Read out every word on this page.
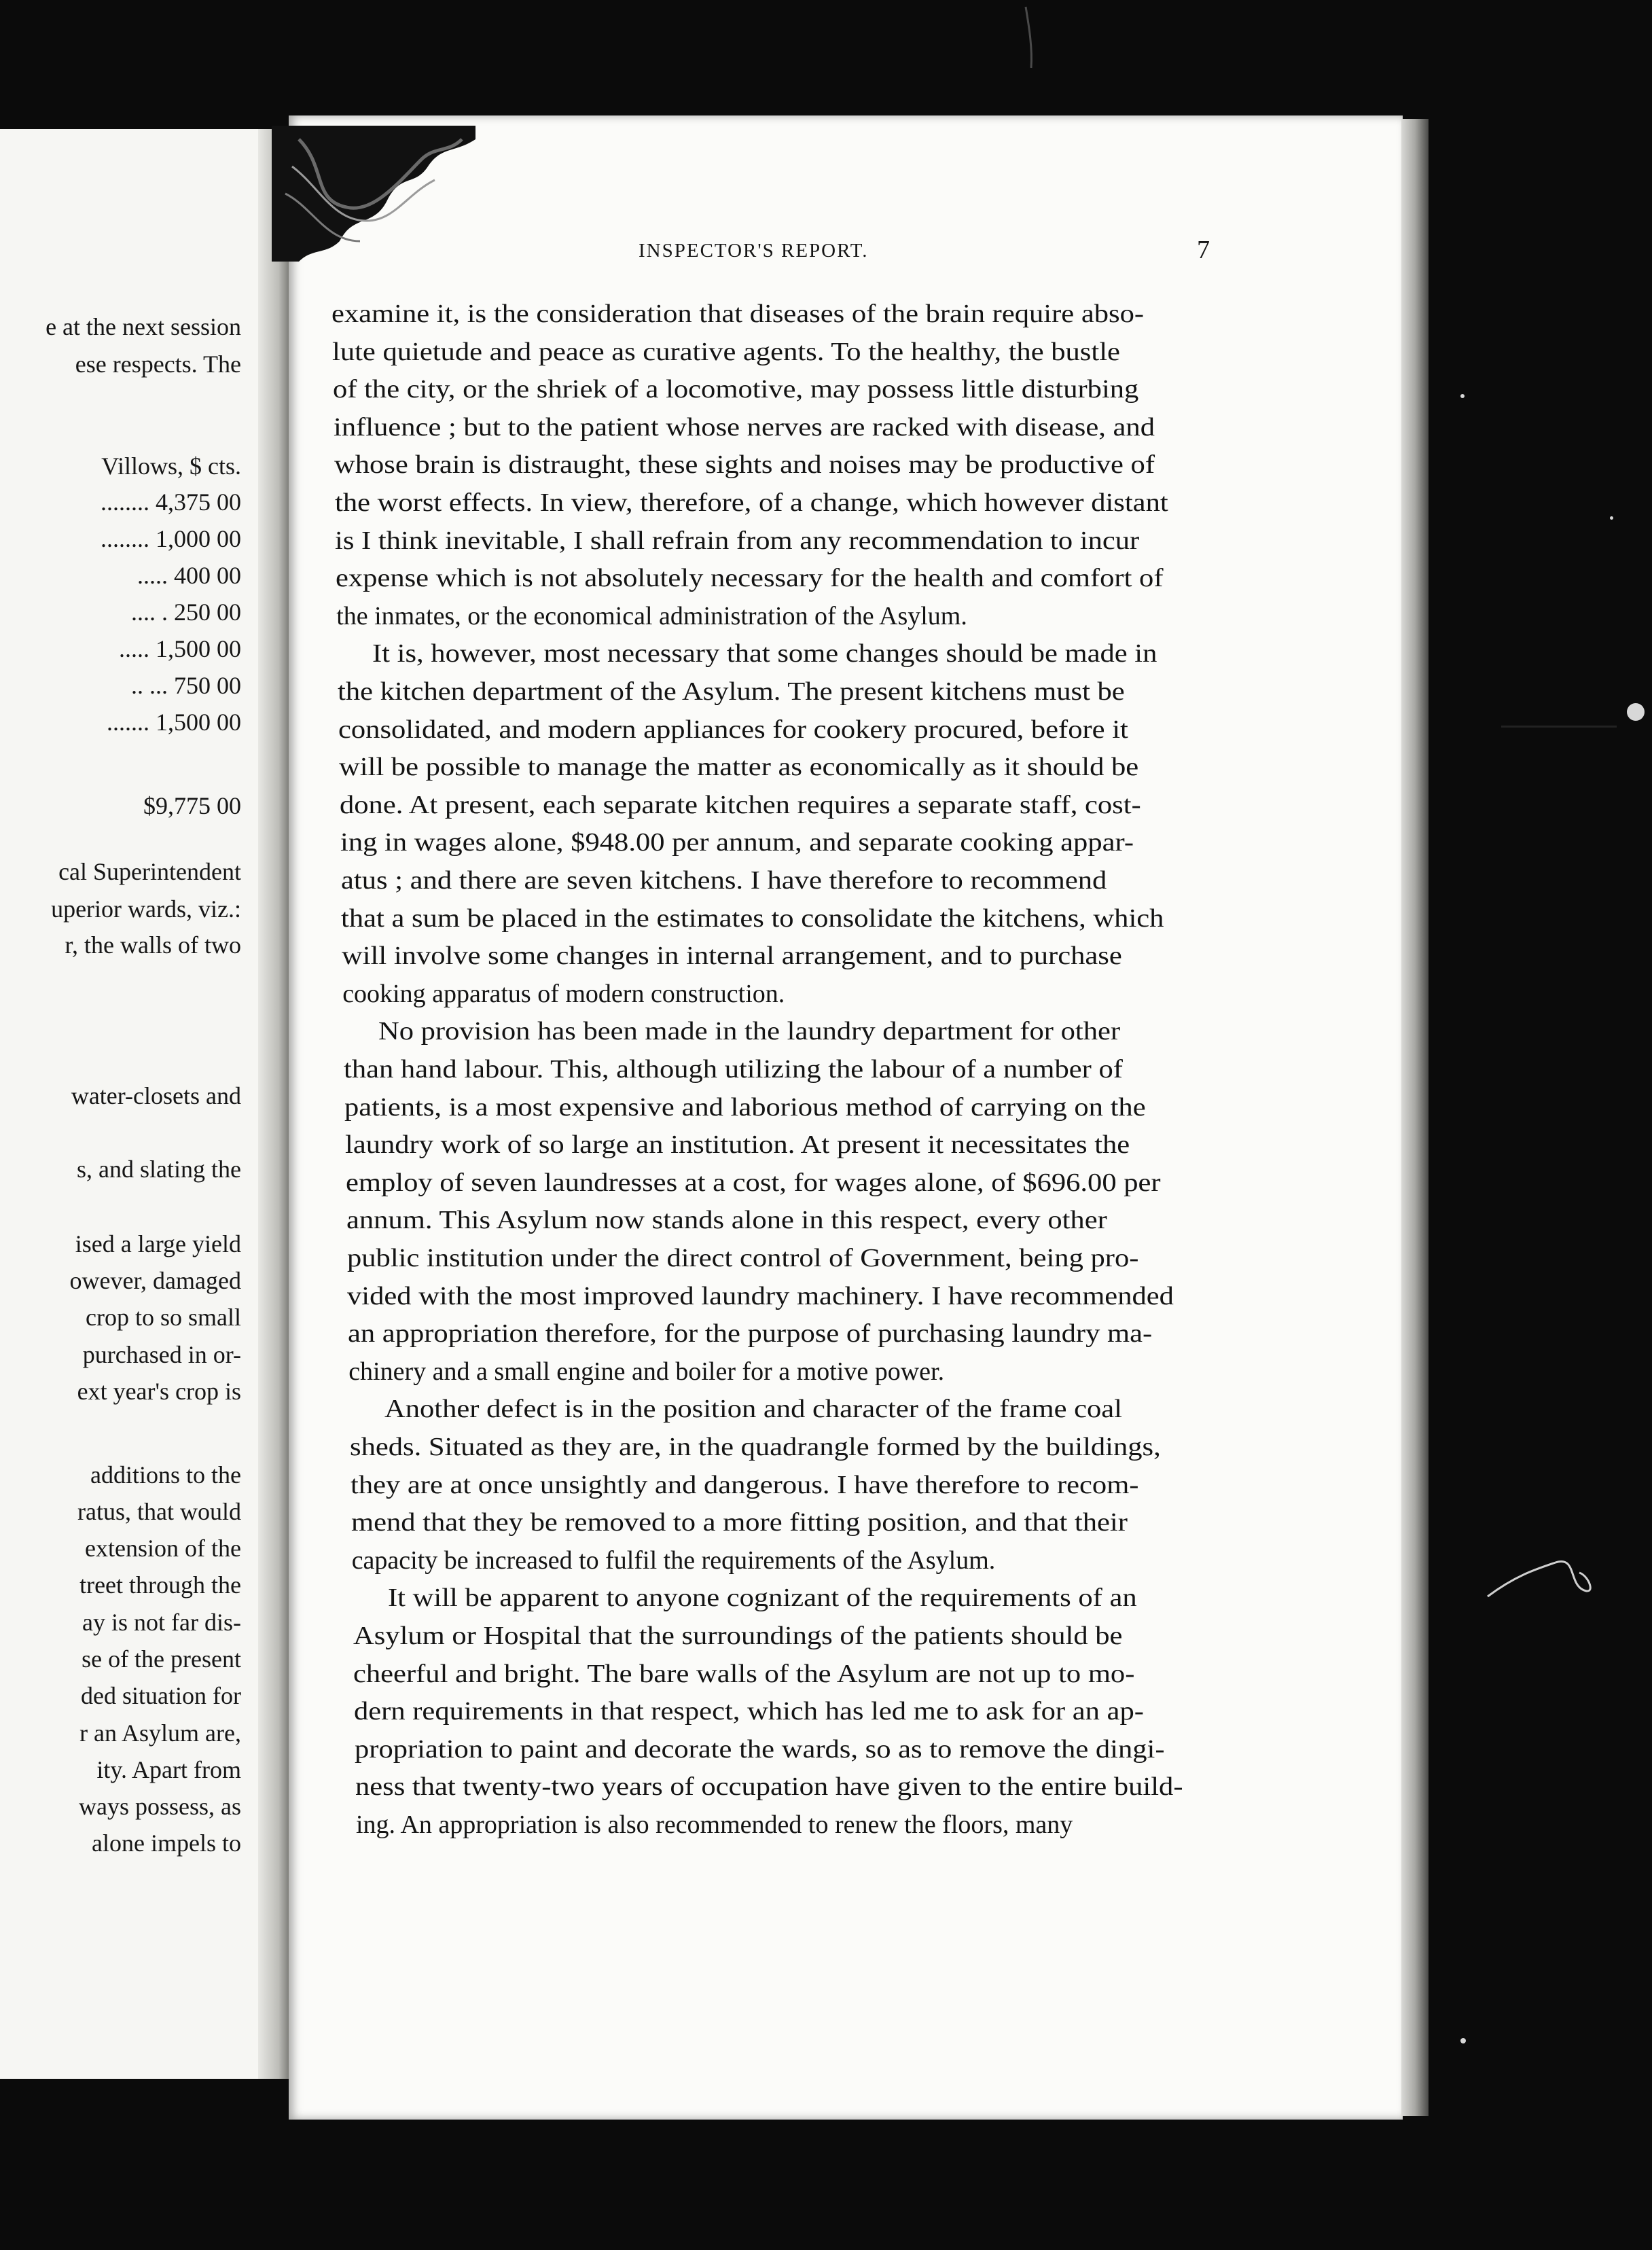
e at the next session
ese respects. The
Villows, $ cts.
........ 4,375 00
........ 1,000 00
..... 400 00
.... . 250 00
..... 1,500 00
.. ... 750 00
....... 1,500 00
$9,775 00
cal Superintendent
uperior wards, viz.:
r, the walls of two
water-closets and
s, and slating the
ised a large yield
owever, damaged
crop to so small
purchased in or-
ext year's crop is
additions to the
ratus, that would
extension of the
treet through the
ay is not far dis-
se of the present
ded situation for
r an Asylum are,
ity. Apart from
ways possess, as
alone impels to
INSPECTOR'S REPORT.	7
examine it, is the consideration that diseases of the brain require abso-
lute quietude and peace as curative agents. To the healthy, the bustle
of the city, or the shriek of a locomotive, may possess little disturbing
influence ; but to the patient whose nerves are racked with disease, and
whose brain is distraught, these sights and noises may be productive of
the worst effects. In view, therefore, of a change, which however distant
is I think inevitable, I shall refrain from any recommendation to incur
expense which is not absolutely necessary for the health and comfort of
the inmates, or the economical administration of the Asylum.
It is, however, most necessary that some changes should be made in
the kitchen department of the Asylum. The present kitchens must be
consolidated, and modern appliances for cookery procured, before it
will be possible to manage the matter as economically as it should be
done. At present, each separate kitchen requires a separate staff, cost-
ing in wages alone, $948.00 per annum, and separate cooking appar-
atus ; and there are seven kitchens. I have therefore to recommend
that a sum be placed in the estimates to consolidate the kitchens, which
will involve some changes in internal arrangement, and to purchase
cooking apparatus of modern construction.
No provision has been made in the laundry department for other
than hand labour. This, although utilizing the labour of a number of
patients, is a most expensive and laborious method of carrying on the
laundry work of so large an institution. At present it necessitates the
employ of seven laundresses at a cost, for wages alone, of $696.00 per
annum. This Asylum now stands alone in this respect, every other
public institution under the direct control of Government, being pro-
vided with the most improved laundry machinery. I have recommended
an appropriation therefore, for the purpose of purchasing laundry ma-
chinery and a small engine and boiler for a motive power.
Another defect is in the position and character of the frame coal
sheds. Situated as they are, in the quadrangle formed by the buildings,
they are at once unsightly and dangerous. I have therefore to recom-
mend that they be removed to a more fitting position, and that their
capacity be increased to fulfil the requirements of the Asylum.
It will be apparent to anyone cognizant of the requirements of an
Asylum or Hospital that the surroundings of the patients should be
cheerful and bright. The bare walls of the Asylum are not up to mo-
dern requirements in that respect, which has led me to ask for an ap-
propriation to paint and decorate the wards, so as to remove the dingi-
ness that twenty-two years of occupation have given to the entire build-
ing. An appropriation is also recommended to renew the floors, many
